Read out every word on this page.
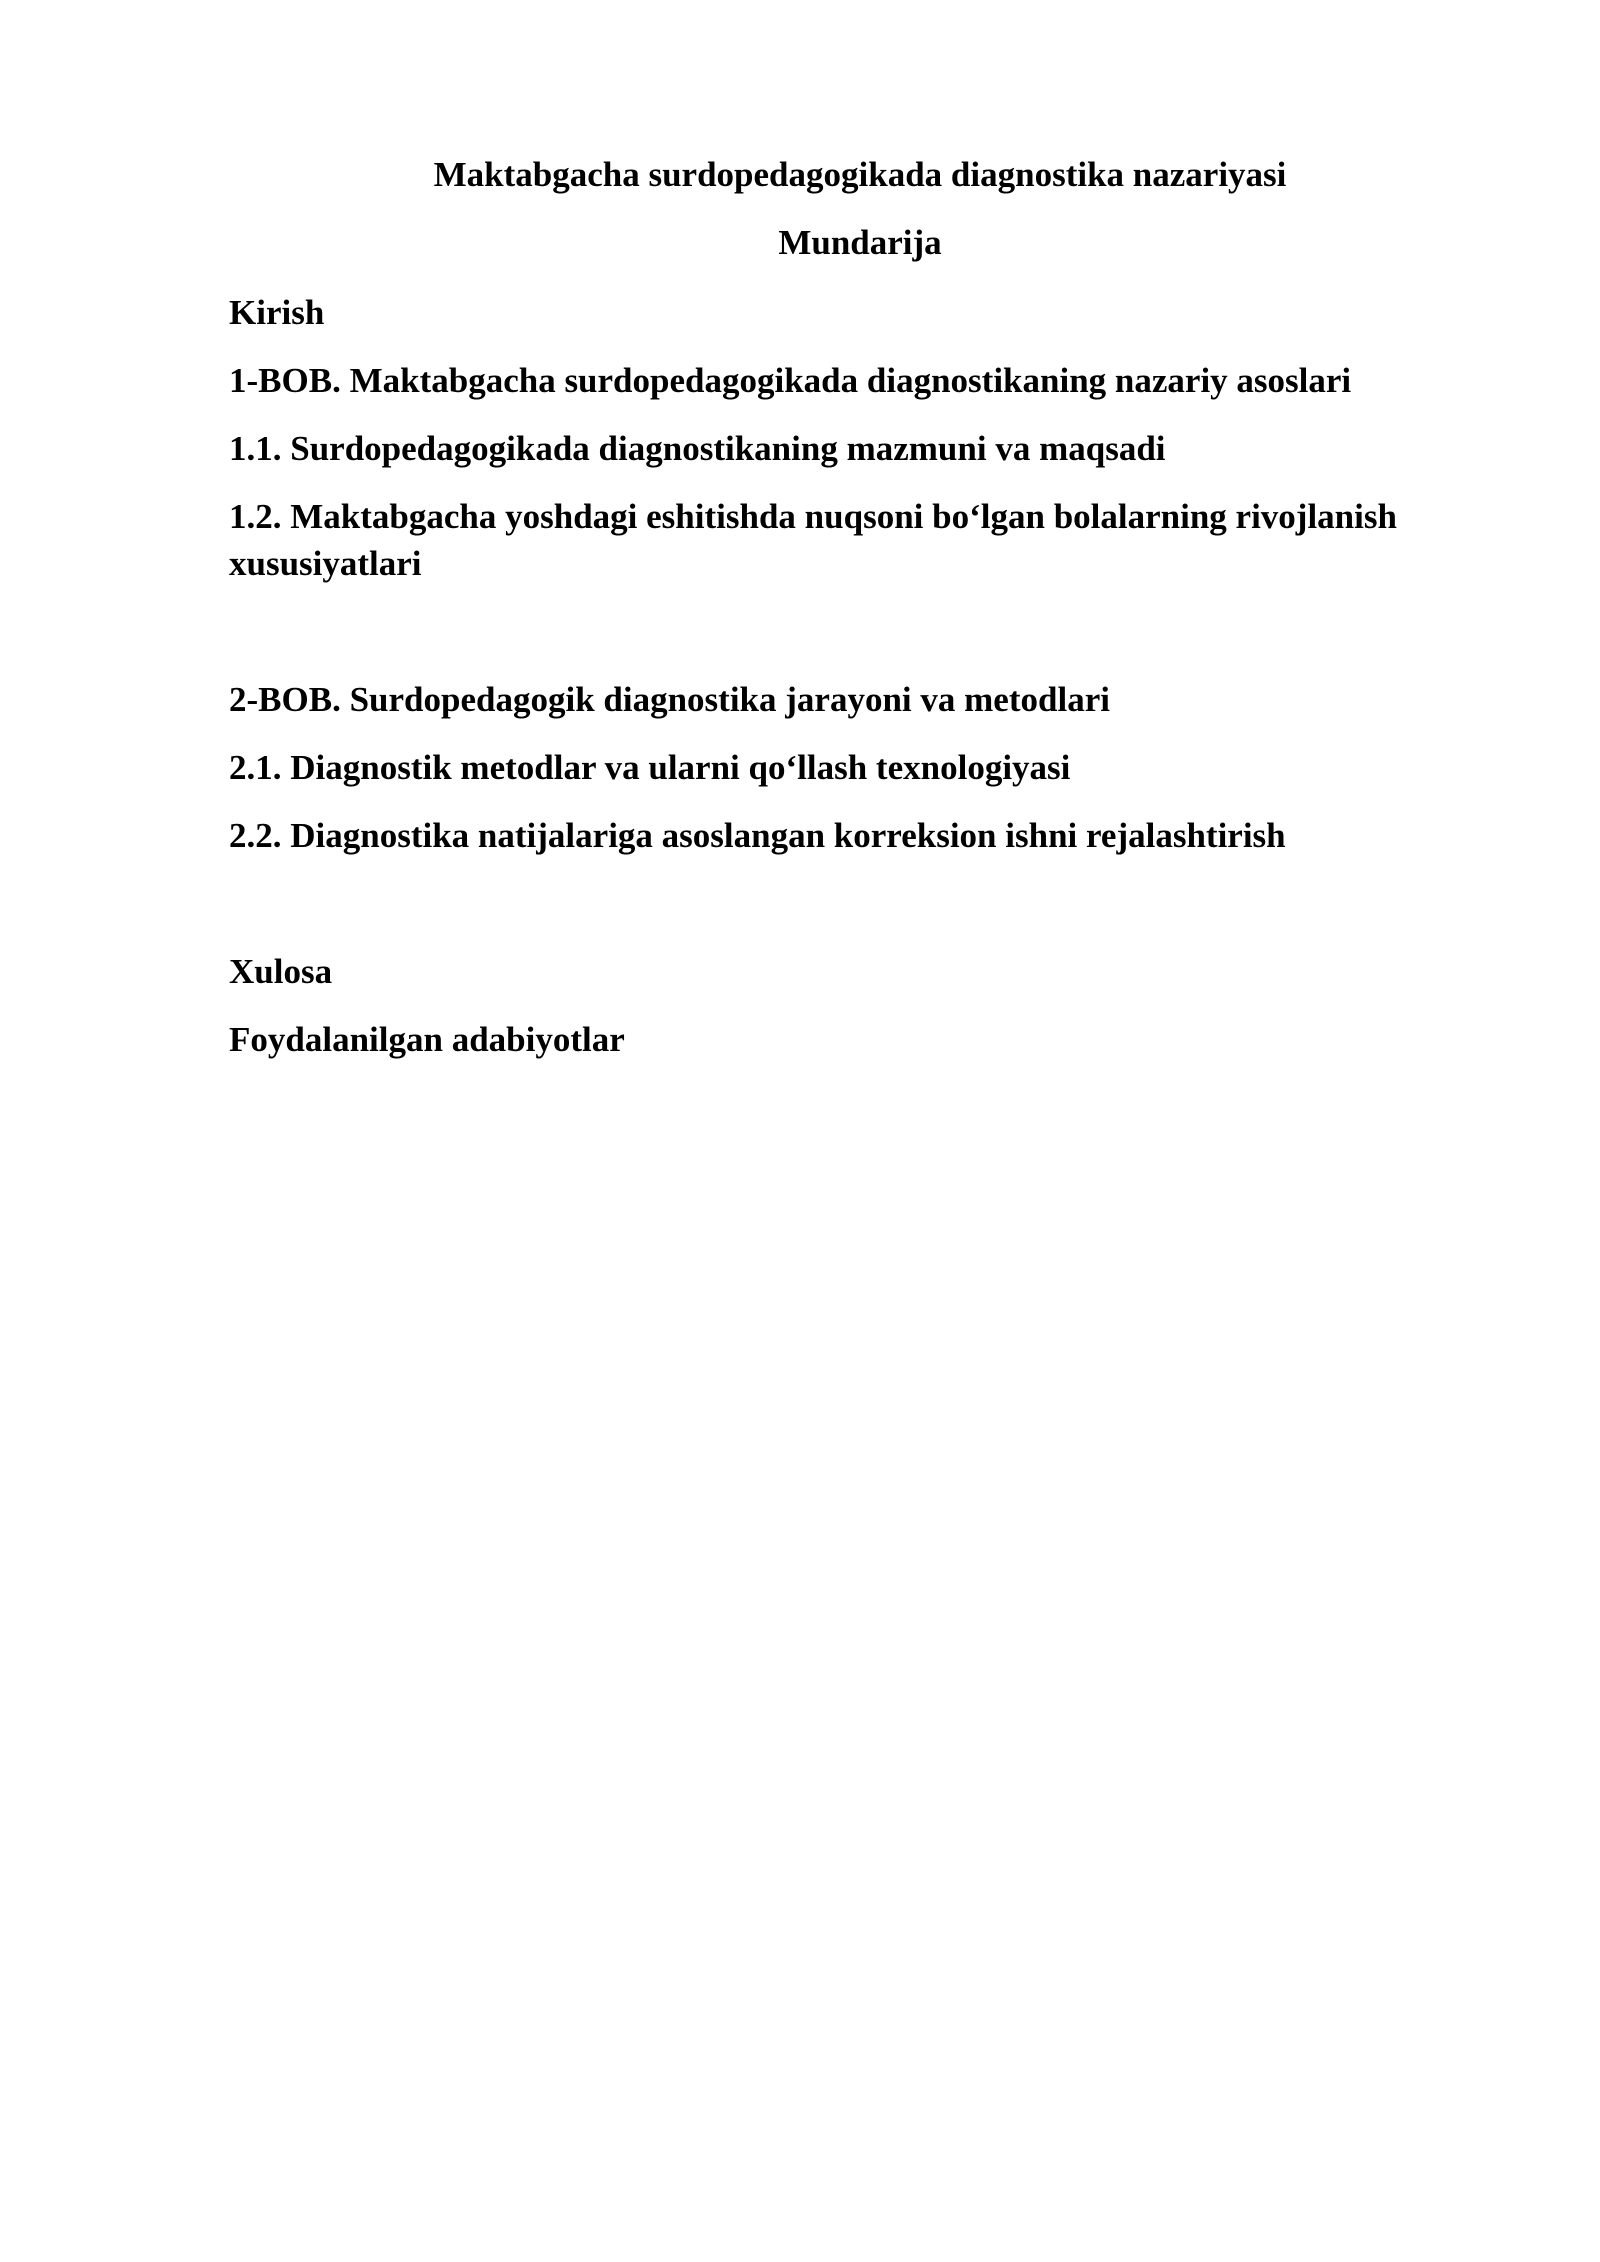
Maktabgacha surdopedagogikada diagnostika nazariyasi
Mundarija
Kirish
1-BOB. Maktabgacha surdopedagogikada diagnostikaning nazariy asoslari
1.1. Surdopedagogikada diagnostikaning mazmuni va maqsadi
1.2. Maktabgacha yoshdagi eshitishda nuqsoni bo‘lgan bolalarning rivojlanish xususiyatlari
2-BOB. Surdopedagogik diagnostika jarayoni va metodlari
2.1. Diagnostik metodlar va ularni qo‘llash texnologiyasi
2.2. Diagnostika natijalariga asoslangan korreksion ishni rejalashtirish
Xulosa
Foydalanilgan adabiyotlar
